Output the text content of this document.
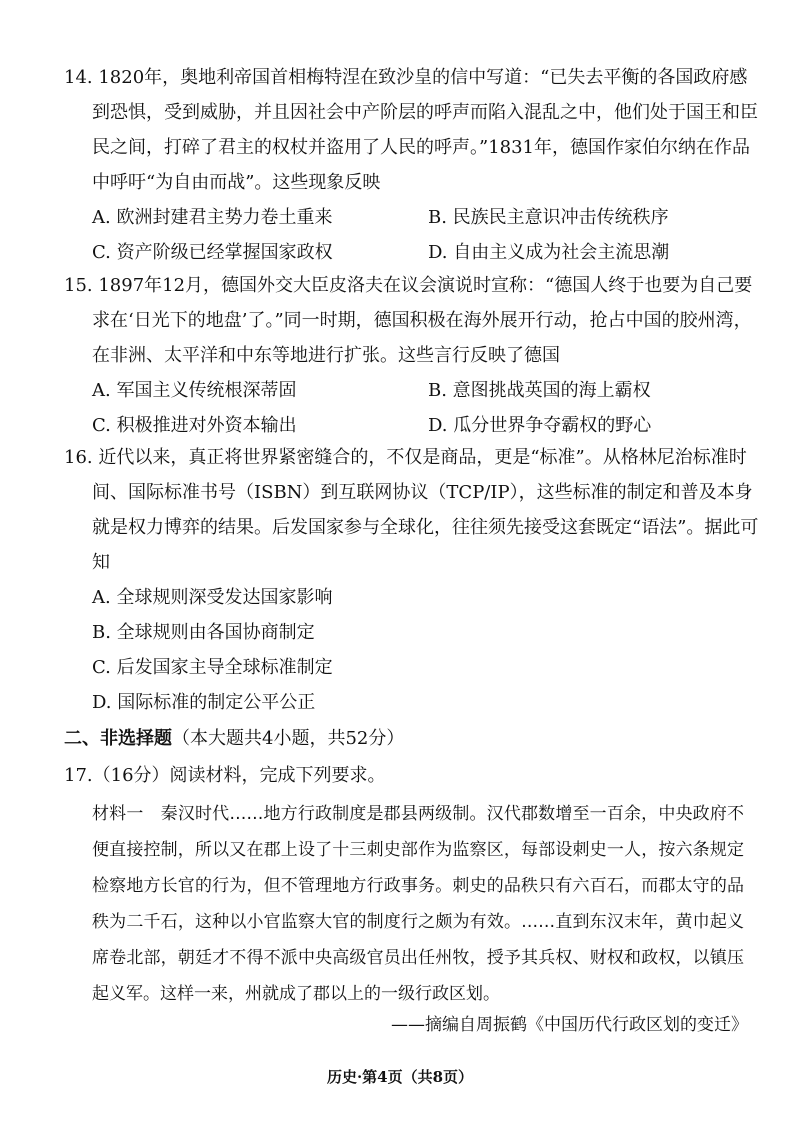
14. 1820年，奥地利帝国首相梅特涅在致沙皇的信中写道：“已失去平衡的各国政府感到恐惧，受到威胁，并且因社会中产阶层的呼声而陷入混乱之中，他们处于国王和臣民之间，打碎了君主的权杖并盗用了人民的呼声。”1831年，德国作家伯尔纳在作品中呼吁“为自由而战”。这些现象反映

A. 欧洲封建君主势力卷土重来	B. 民族民主意识冲击传统秩序
C. 资产阶级已经掌握国家政权	D. 自由主义成为社会主流思潮

15. 1897年12月，德国外交大臣皮洛夫在议会演说时宣称：“德国人终于也要为自己要求在‘日光下的地盘’了。”同一时期，德国积极在海外展开行动，抢占中国的胶州湾，在非洲、太平洋和中东等地进行扩张。这些言行反映了德国

A. 军国主义传统根深蒂固	B. 意图挑战英国的海上霸权
C. 积极推进对外资本输出	D. 瓜分世界争夺霸权的野心

16. 近代以来，真正将世界紧密缝合的，不仅是商品，更是“标准”。从格林尼治标准时间、国际标准书号（ISBN）到互联网协议（TCP/IP），这些标准的制定和普及本身就是权力博弈的结果。后发国家参与全球化，往往须先接受这套既定“语法”。据此可知

A. 全球规则深受发达国家影响
B. 全球规则由各国协商制定
C. 后发国家主导全球标准制定
D. 国际标准的制定公平公正
二、非选择题（本大题共4小题，共52分）

17.（16分）阅读材料，完成下列要求。

材料一　秦汉时代……地方行政制度是郡县两级制。汉代郡数增至一百余，中央政府不便直接控制，所以又在郡上设了十三刺史部作为监察区，每部设刺史一人，按六条规定检察地方长官的行为，但不管理地方行政事务。刺史的品秩只有六百石，而郡太守的品秩为二千石，这种以小官监察大官的制度行之颇为有效。……直到东汉末年，黄巾起义席卷北部，朝廷才不得不派中央高级官员出任州牧，授予其兵权、财权和政权，以镇压起义军。这样一来，州就成了郡以上的一级行政区划。

——摘编自周振鹤《中国历代行政区划的变迁》
历史·第4页（共8页）
